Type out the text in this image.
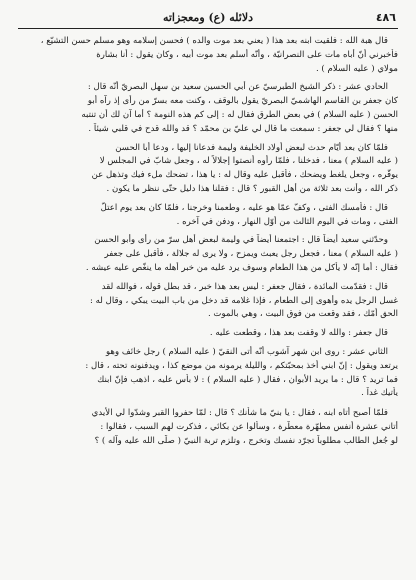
٤٨٦
دلائله (ع) ومعجزاته
قال هبة الله : فلقيت ابنه بعد هذا ( يعني بعد موت والده ) فحسن إسلامه وهو مسلم حسن التشيّع ،
فأخبرني أنّ أباه مات على النصرانيّة ، وأنّه أسلم بعد موت أبيه ، وكان يقول : أنا بشارة
مولاي ( عليه السلام ) .
الحادي عشر : ذكر الشيخ الطبرسيّ عن أبي الحسين سعيد بن سهل البصريّ أنّه قال :
كان جعفر بن القاسم الهاشميّ البصريّ يقول بالوقف ، وكنت معه بسرّ من رأى إذ رآه أبو
الحسن ( عليه السلام ) في بعض الطرق فقال له : إلى كم هذه النومة ؟ أما آن لك أن تنتبه
منها ؟ فقال لي جعفر : سمعت ما قال لي عليّ بن محمّد ؟ قد والله قدح في قلبي شيئاً .
فلمّا كان بعد أيّام حدث لبعض أولاد الخليفة وليمة فدعانا إليها ، ودعا أبا الحسن
( عليه السلام ) معنا ، فدخلنا ، فلمّا رأوه أنصتوا إجلالاً له ، وجعل شابّ في المجلس لا
يوقّره ، وجعل يلغط ويضحك ، فأقبل عليه وقال له : يا هذا ، تضحك ملء فيك وتذهل عن
ذكر الله ، وأنت بعد ثلاثة من أهل القبور ؟ قال : فقلنا هذا دليل حتّى ننظر ما يكون .
قال : فأمسك الفتى ، وكفّ عمّا هو عليه ، وطعمنا وخرجنا ، فلمّا كان بعد يوم اعتلّ
الفتى ، ومات في اليوم الثالث من أوّل النهار ، ودفن في آخره .
وحدّثني سعيد أيضاً قال : اجتمعنا أيضاً في وليمة لبعض أهل سرّ من رأى وأبو الحسن
( عليه السلام ) معنا ، فجعل رجل يعبث ويمزح ، ولا يرى له جلالة ، فأقبل على جعفر
فقال : أما إنّه لا يأكل من هذا الطعام وسوف يرد عليه من خبر أهله ما ينغّص عليه عيشه .
قال : فقدّمت المائدة ، فقال جعفر : ليس بعد هذا خبر ، قد بطل قوله ، فوالله لقد
غسل الرجل يده وأهوى إلى الطعام ، فإذا غلامه قد دخل من باب البيت يبكي ، وقال له :
الحق أمّك ، فقد وقعت من فوق البيت ، وهي بالموت .
قال جعفر : والله لا وقفت بعد هذا ، وقطعت عليه .
الثاني عشر : روى ابن شهر آشوب أنّه أتى النقيّ ( عليه السلام ) رجل خائف وهو
يرتعد ويقول : إنّ ابني أخذ بمحبّتكم ، والليلة يرمونه من موضع كذا ، ويدفنونه تحته ، قال :
فما تريد ؟ قال : ما يريد الأبوان ، فقال ( عليه السلام ) : لا بأس عليه ، اذهب فإنّ ابنك
يأتيك غداً .
فلمّا أصبح أتاه ابنه ، فقال : يا بنيّ ما شأنك ؟ قال : لمّا حفروا القبر وشدّوا لي الأيدي
أتاني عشرة أنفس مطهّرة معطّرة ، وسألوا عن بكائي ، فذكرت لهم السبب ، فقالوا :
لو جُعل الطالب مطلوباً تجرّد نفسك وتخرج ، وتلزم تربة النبيّ ( صلّى الله عليه وآله ) ؟
